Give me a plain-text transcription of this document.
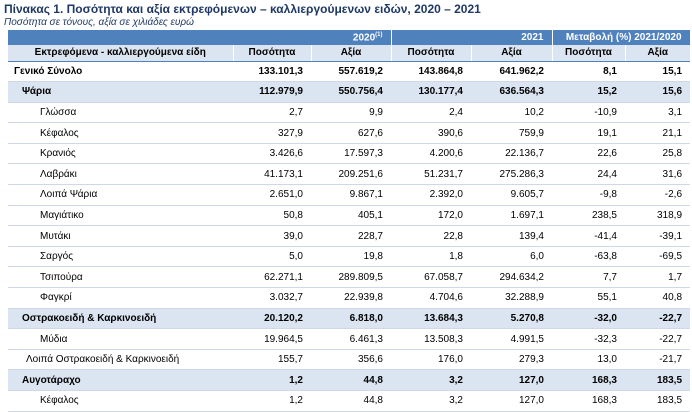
Πίνακας 1. Ποσότητα και αξία εκτρεφόμενων – καλλιεργούμενων ειδών, 2020 – 2021
Ποσότητα σε τόνους, αξία σε χιλιάδες ευρώ
	2020$^{(1)}$		2021		Μεταβολή (%) 2021/2020	
Εκτρεφόμενα - καλλιεργούμενα είδη	Ποσότητα	Αξία	Ποσότητα	Αξία	Ποσότητα	Αξία
Γενικό Σύνολο	133.101,3	557.619,2	143.864,8	641.962,2	8,1	15,1
Ψάρια	112.979,9	550.756,4	130.177,4	636.564,3	15,2	15,6
Γλώσσα	2,7	9,9	2,4	10,2	-10,9	3,1
Κέφαλος	327,9	627,6	390,6	759,9	19,1	21,1
Κρανιός	3.426,6	17.597,3	4.200,6	22.136,7	22,6	25,8
Λαβράκι	41.173,1	209.251,6	51.231,7	275.286,3	24,4	31,6
Λοιπά Ψάρια	2.651,0	9.867,1	2.392,0	9.605,7	-9,8	-2,6
Μαγιάτικο	50,8	405,1	172,0	1.697,1	238,5	318,9
Μυτάκι	39,0	228,7	22,8	139,4	-41,4	-39,1
Σαργός	5,0	19,8	1,8	6,0	-63,8	-69,5
Τσιπούρα	62.271,1	289.809,5	67.058,7	294.634,2	7,7	1,7
Φαγκρί	3.032,7	22.939,8	4.704,6	32.288,9	55,1	40,8
Οστρακοειδή & Καρκινοειδή	20.120,2	6.818,0	13.684,3	5.270,8	-32,0	-22,7
Μύδια	19.964,5	6.461,3	13.508,3	4.991,5	-32,3	-22,7
Λοιπά Οστρακοειδή & Καρκινοειδή	155,7	356,6	176,0	279,3	13,0	-21,7
Αυγοτάραχο	1,2	44,8	3,2	127,0	168,3	183,5
Κέφαλος	1,2	44,8	3,2	127,0	168,3	183,5
